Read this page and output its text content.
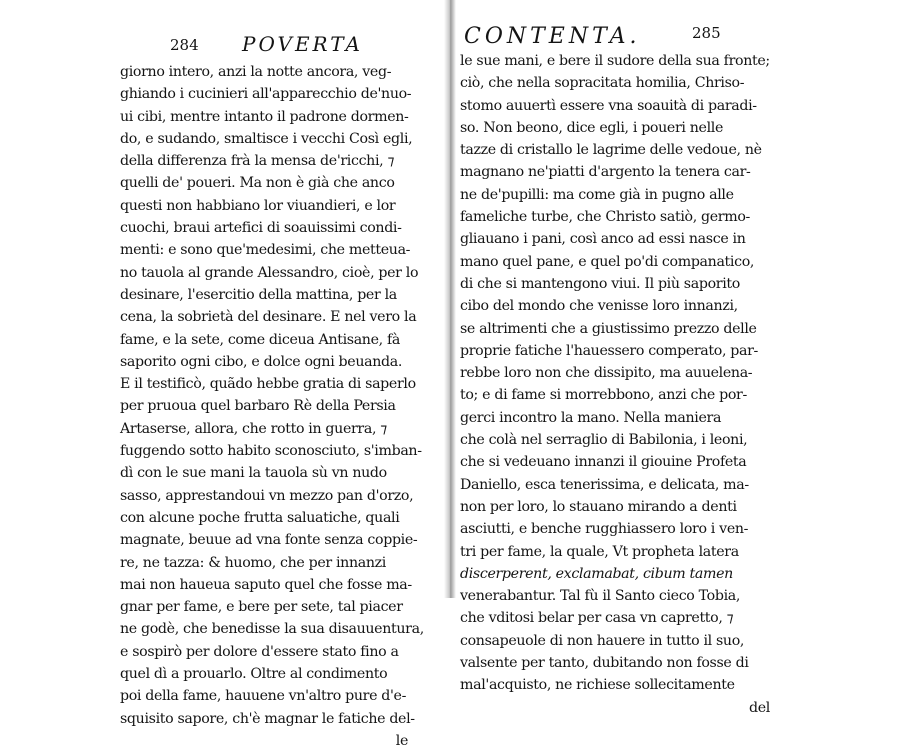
284 POVERTA
giorno intero, anzi la notte ancora, veg-
ghiando i cucinieri all'apparecchio de'nuo-
ui cibi, mentre intanto il padrone dormen-
do, e sudando, smaltisce i vecchi Così egli,
della differenza frà la mensa de'ricchi, ⁊
quelli de' poueri. Ma non è già che anco
questi non habbiano lor viuandieri, e lor
cuochi, braui artefici di soauissimi condi-
menti: e sono que'medesimi, che metteua-
no tauola al grande Alessandro, cioè, per lo
desinare, l'esercitio della mattina, per la
cena, la sobrietà del desinare. E nel vero la
fame, e la sete, come diceua Antisane, fà
saporito ogni cibo, e dolce ogni beuanda.
E il testificò, quãdo hebbe gratia di saperlo
per pruoua quel barbaro Rè della Persia
Artaserse, allora, che rotto in guerra, ⁊
fuggendo sotto habito sconosciuto, s'imban-
dì con le sue mani la tauola sù vn nudo
sasso, apprestandoui vn mezzo pan d'orzo,
con alcune poche frutta saluatiche, quali
magnate, beuue ad vna fonte senza coppie-
re, ne tazza: & huomo, che per innanzi
mai non haueua saputo quel che fosse ma-
gnar per fame, e bere per sete, tal piacer
ne godè, che benedisse la sua disauuentura,
e sospirò per dolore d'essere stato fino a
quel dì a prouarlo. Oltre al condimento
poi della fame, hauuene vn'altro pure d'e-
squisito sapore, ch'è magnar le fatiche del-
le
CONTENTA.	285
le sue mani, e bere il sudore della sua fronte;
ciò, che nella sopracitata homilia, Chriso-
stomo auuertì essere vna soauità di paradi-
so. Non beono, dice egli, i poueri nelle
tazze di cristallo le lagrime delle vedoue, nè
magnano ne'piatti d'argento la tenera car-
ne de'pupilli: ma come già in pugno alle
fameliche turbe, che Christo satiò, germo-
gliauano i pani, così anco ad essi nasce in
mano quel pane, e quel po'di companatico,
di che si mantengono viui. Il più saporito
cibo del mondo che venisse loro innanzi,
se altrimenti che a giustissimo prezzo delle
proprie fatiche l'hauessero comperato, par-
rebbe loro non che dissipito, ma auuelena-
to; e di fame si morrebbono, anzi che por-
gerci incontro la mano. Nella maniera
che colà nel serraglio di Babilonia, i leoni,
che si vedeuano innanzi il giouine Profeta
Daniello, esca tenerissima, e delicata, ma-
non per loro, lo stauano mirando a denti
asciutti, e benche rugghiassero loro i ven-
tri per fame, la quale, Vt propheta latera
discerperent, exclamabat, cibum tamen
venerabantur. Tal fù il Santo cieco Tobia,
che vditosi belar per casa vn capretto, ⁊
consapeuole di non hauere in tutto il suo,
valsente per tanto, dubitando non fosse di
mal'acquisto, ne richiese sollecitamente
del
